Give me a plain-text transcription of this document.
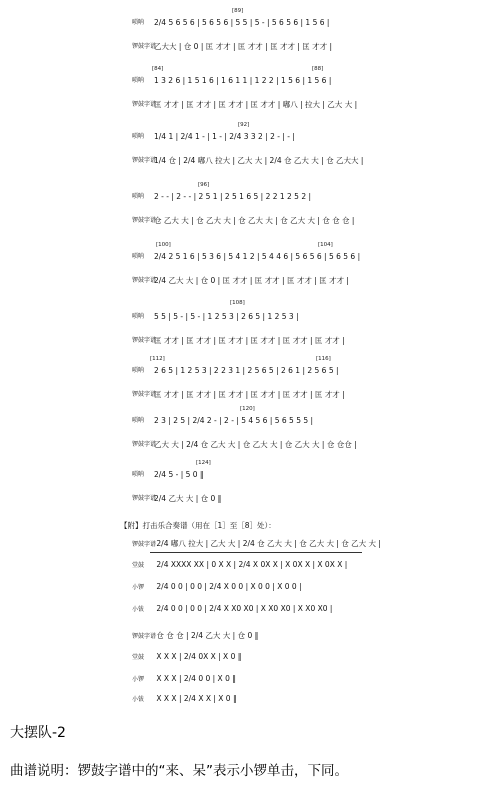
[89]
唢呐 2/4 5 6 5 6 | 5 6 5 6 | 5 5 | 5 - | 5 6 5 6 | 1 5 6 |
锣鼓字谱
乙大大 | 仓 0 | 匡 才才 | 匡 才才 | 匡 才才 | 匡 才才 |
[84]	[88]
唢呐 1 3 2 6 | 1 5 1 6 | 1 6 1 1 | 1 2 2 | 1 5 6 | 1 5 6 |
锣鼓字谱
匡 才才 | 匡 才才 | 匡 才才 | 匡 才才 | 嘟八 | 拉大 | 乙大 大 |
[92]
唢呐 1/4 1 | 2/4 1 - | 1 - | 2/4 3 3 2 | 2 - | - |
锣鼓字谱
1/4 仓 | 2/4 嘟八 拉大 | 乙大 大 | 2/4 仓 乙大 大 | 仓 乙大大 |
[96]
唢呐 2 - - | 2 - - | 2 5 1 | 2 5 1 6 5 | 2 2 1 2 5 2 |
锣鼓字谱
仓 乙大 大 | 仓 乙大 大 | 仓 乙大 大 | 仓 乙大 大 | 仓 仓 仓 |
[100]	[104]
唢呐 2/4 2 5 1 6 | 5 3 6 | 5 4 1 2 | 5 4 4 6 | 5 6 5 6 | 5 6 5 6 |
锣鼓字谱
2/4 乙大 大 | 仓 0 | 匡 才才 | 匡 才才 | 匡 才才 | 匡 才才 |
[108]
唢呐 5 5 | 5 - | 5 - | 1 2 5 3 | 2 6 5 | 1 2 5 3 |
锣鼓字谱
匡 才才 | 匡 才才 | 匡 才才 | 匡 才才 | 匡 才才 | 匡 才才 |
[112]	[116]
唢呐 2 6 5 | 1 2 5 3 | 2 2 3 1 | 2 5 6 5 | 2 6 1 | 2 5 6 5 |
锣鼓字谱
匡 才才 | 匡 才才 | 匡 才才 | 匡 才才 | 匡 才才 | 匡 才才 |
[120]
唢呐 2 3 | 2 5 | 2/4 2 - | 2 - | 5 4 5 6 | 5 6 5 5 5 |
锣鼓字谱
乙大 大 | 2/4 仓 乙大 大 | 仓 乙大 大 | 仓 乙大 大 | 仓 仓仓 |
[124]
唢呐 2/4 5 - | 5 0 ‖
锣鼓字谱
2/4 乙大 大 | 仓 0 ‖
【附】打击乐合奏谱（用在［1］至［8］处）：
锣鼓字谱 2/4 嘟八 拉大 | 乙大 大 | 2/4 仓 乙大 大 | 仓 乙大 大 | 仓 乙大 大 |
堂鼓 2/4 XXXX XX | 0 X X | 2/4 X 0X X | X 0X X | X 0X X |
小锣 2/4 0 0 | 0 0 | 2/4 X 0 0 | X 0 0 | X 0 0 |
小钹 2/4 0 0 | 0 0 | 2/4 X X0 X0 | X X0 X0 | X X0 X0 |
锣鼓字谱 仓 仓 仓 | 2/4 乙大 大 | 仓 0 ‖
堂鼓 X X X | 2/4 0X X | X 0 ‖
小锣 X X X | 2/4 0 0 | X 0 ‖
小钹 X X X | 2/4 X X | X 0 ‖
大摆队-2
曲谱说明：锣鼓字谱中的“来、呆”表示小锣单击，下同。
